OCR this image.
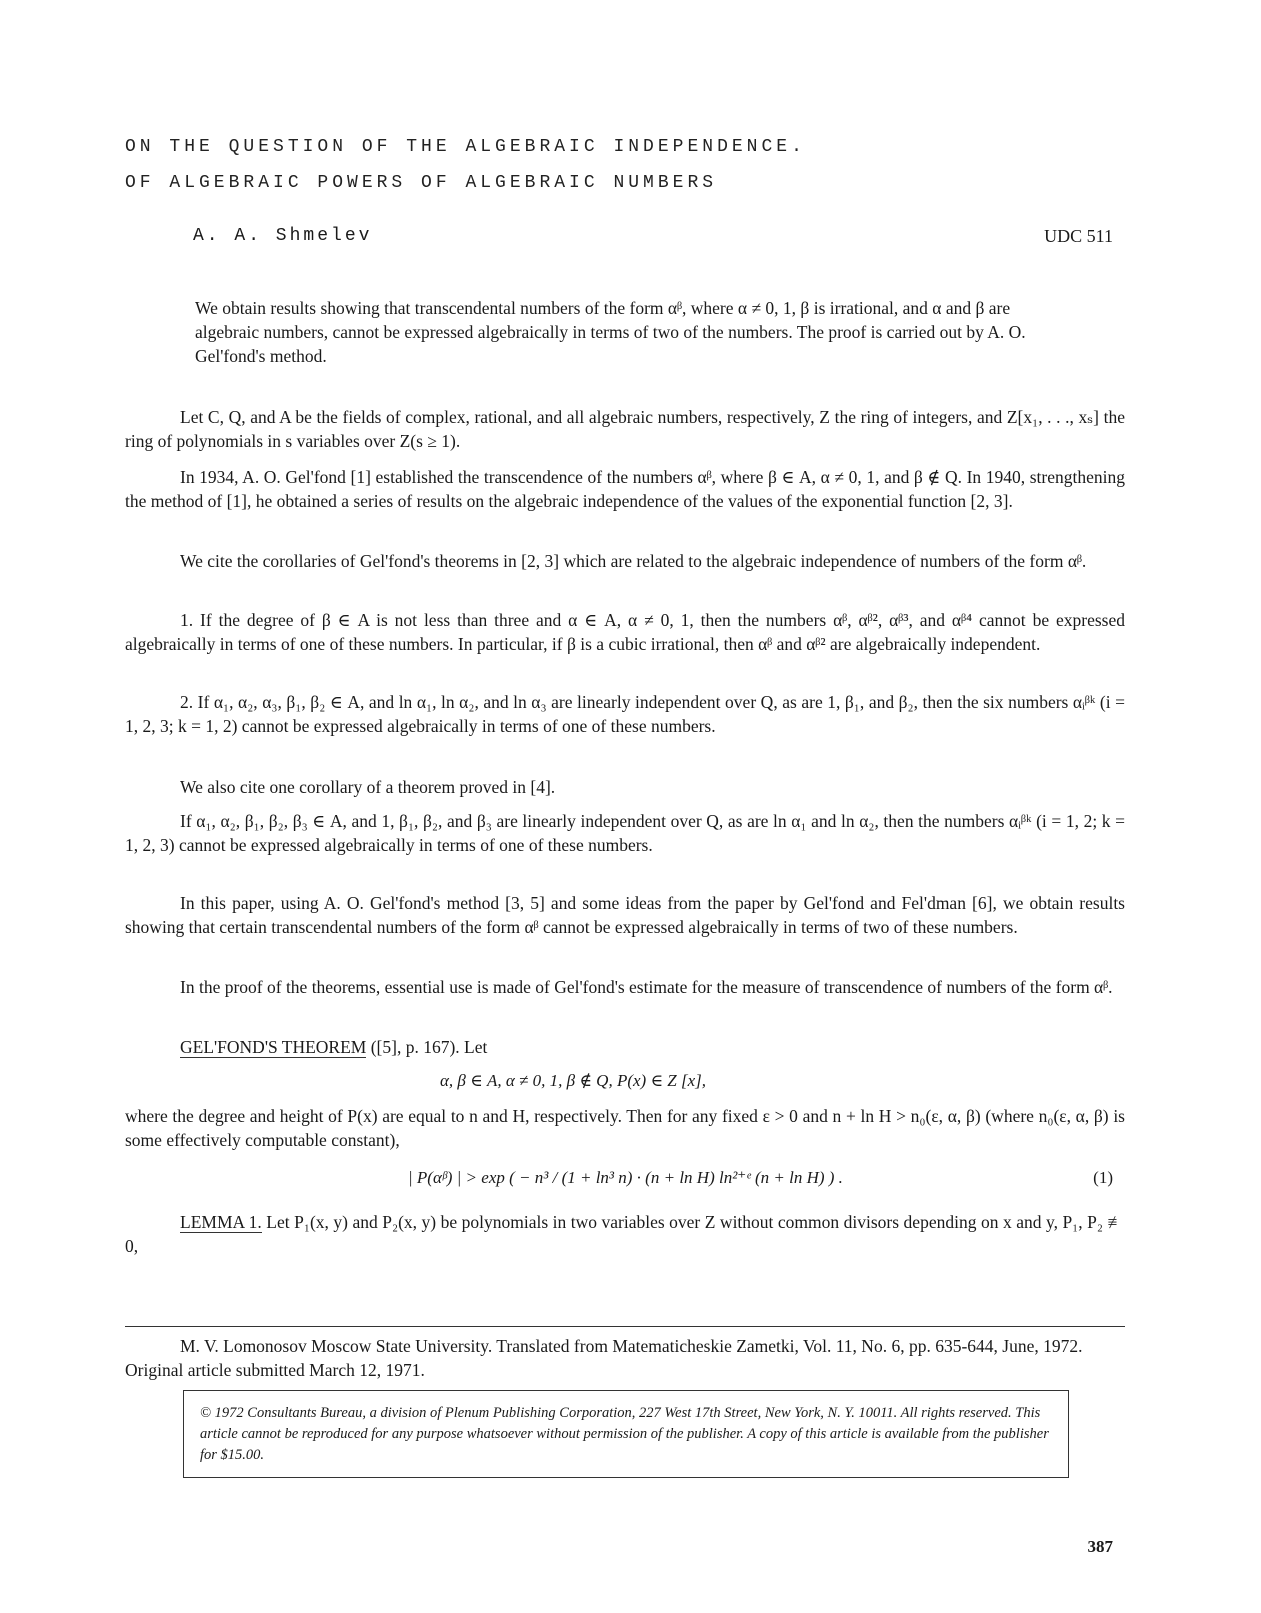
ON THE QUESTION OF THE ALGEBRAIC INDEPENDENCE.
OF ALGEBRAIC POWERS OF ALGEBRAIC NUMBERS
A. A. Shmelev	UDC 511
We obtain results showing that transcendental numbers of the form αᵝ, where α ≠ 0, 1, β is irrational, and α and β are algebraic numbers, cannot be expressed algebraically in terms of two of the numbers. The proof is carried out by A. O. Gel'fond's method.

Let C, Q, and A be the fields of complex, rational, and all algebraic numbers, respectively, Z the ring of integers, and Z[x₁, . . ., xₛ] the ring of polynomials in s variables over Z(s ≥ 1).

In 1934, A. O. Gel'fond [1] established the transcendence of the numbers αᵝ, where β ∈ A, α ≠ 0, 1, and β ∉ Q. In 1940, strengthening the method of [1], he obtained a series of results on the algebraic independence of the values of the exponential function [2, 3].

We cite the corollaries of Gel'fond's theorems in [2, 3] which are related to the algebraic independence of numbers of the form αᵝ.

1. If the degree of β ∈ A is not less than three and α ∈ A, α ≠ 0, 1, then the numbers αᵝ, αᵝ², αᵝ³, and αᵝ⁴ cannot be expressed algebraically in terms of one of these numbers. In particular, if β is a cubic irrational, then αᵝ and αᵝ² are algebraically independent.

2. If α₁, α₂, α₃, β₁, β₂ ∈ A, and ln α₁, ln α₂, and ln α₃ are linearly independent over Q, as are 1, β₁, and β₂, then the six numbers αᵢᵝᵏ (i = 1, 2, 3; k = 1, 2) cannot be expressed algebraically in terms of one of these numbers.

We also cite one corollary of a theorem proved in [4].

If α₁, α₂, β₁, β₂, β₃ ∈ A, and 1, β₁, β₂, and β₃ are linearly independent over Q, as are ln α₁ and ln α₂, then the numbers αᵢᵝᵏ (i = 1, 2; k = 1, 2, 3) cannot be expressed algebraically in terms of one of these numbers.

In this paper, using A. O. Gel'fond's method [3, 5] and some ideas from the paper by Gel'fond and Fel'dman [6], we obtain results showing that certain transcendental numbers of the form αᵝ cannot be expressed algebraically in terms of two of these numbers.

In the proof of the theorems, essential use is made of Gel'fond's estimate for the measure of transcendence of numbers of the form αᵝ.

GEL'FOND'S THEOREM ([5], p. 167). Let
α, β ∈ A, α ≠ 0, 1, β ∉ Q, P(x) ∈ Z [x],

where the degree and height of P(x) are equal to n and H, respectively. Then for any fixed ε > 0 and n + ln H > n₀(ε, α, β) (where n₀(ε, α, β) is some effectively computable constant),

| P(αᵝ) | > exp ( − n³ / (1 + ln³ n) · (n + ln H) ln²⁺ᵉ (n + ln H) ) .	(1)

LEMMA 1. Let P₁(x, y) and P₂(x, y) be polynomials in two variables over Z without common divisors depending on x and y, P₁, P₂ ≢ 0,

M. V. Lomonosov Moscow State University. Translated from Matematicheskie Zametki, Vol. 11, No. 6, pp. 635-644, June, 1972. Original article submitted March 12, 1971.
© 1972 Consultants Bureau, a division of Plenum Publishing Corporation, 227 West 17th Street, New York, N. Y. 10011. All rights reserved. This article cannot be reproduced for any purpose whatsoever without permission of the publisher. A copy of this article is available from the publisher for $15.00.
387
